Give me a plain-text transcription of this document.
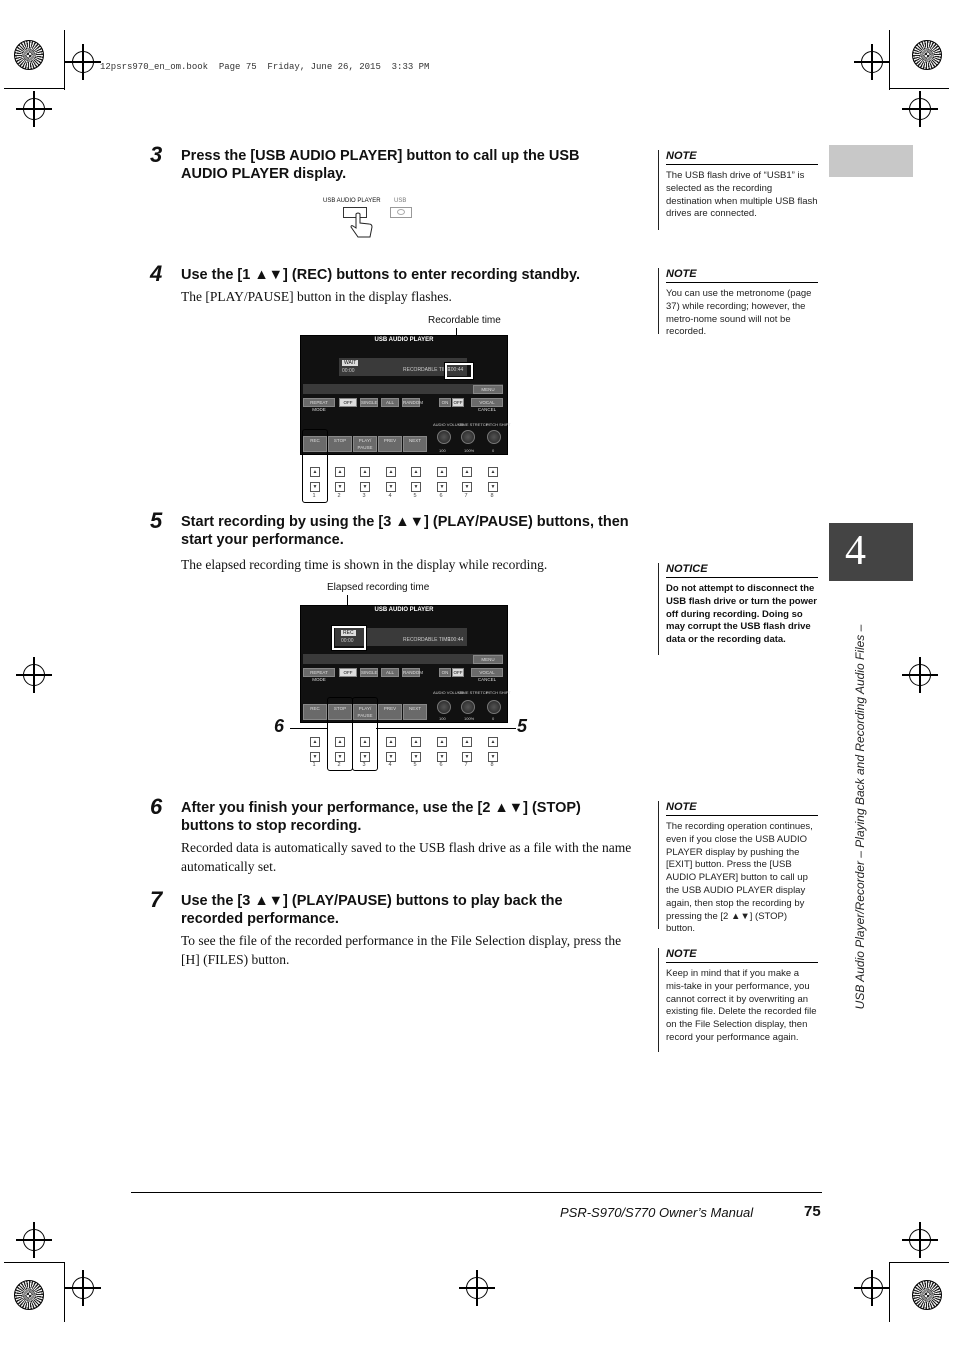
12psrs970_en_om.book  Page 75  Friday, June 26, 2015  3:33 PM
4
USB Audio Player/Recorder – Playing Back and Recording Audio Files –
3 Press the [USB AUDIO PLAYER] button to call up the USB AUDIO PLAYER display.
USB AUDIO PLAYER USB
4 Use the [1 ▲▼] (REC) buttons to enter recording standby.
The [PLAY/PAUSE] button in the display flashes.
Recordable time
USB AUDIO PLAYER
WAIT
00:00	RECORDABLE TIME
100:44
MENU
REPEAT MODE
OFF	SINGLE	ALL	RANDOM	ON	OFF	VOCAL CANCEL
AUDIO VOLUME
TIME STRETCH
PITCH SHIFT
100	100%	0
REC	STOP	PLAY/ PAUSE
PREV	NEXT
▲
▼
▲
▼
▲
▼
▲
▼
▲
▼
▲
▼
▲
▼
▲
▼
1	2	3	4	5	6	7	8
5 Start recording by using the [3 ▲▼] (PLAY/PAUSE) buttons, then start your performance.
The elapsed recording time is shown in the display while recording.
Elapsed recording time
USB AUDIO PLAYER
REC
00:00	RECORDABLE TIME
100:44
MENU
REPEAT MODE
OFF	SINGLE	ALL	RANDOM	ON	OFF	VOCAL CANCEL
AUDIO VOLUME
TIME STRETCH
PITCH SHIFT
100	100%	0
REC	STOP	PLAY/ PAUSE
PREV	NEXT
6	5
▲
▼
▲
▼
▲
▼
▲
▼
▲
▼
▲
▼
▲
▼
▲
▼
1	2	3	4	5	6	7	8
6 After you finish your performance, use the [2 ▲▼] (STOP) buttons to stop recording.
Recorded data is automatically saved to the USB flash drive as a file with the name automatically set.
7 Use the [3 ▲▼] (PLAY/PAUSE) buttons to play back the recorded performance.
To see the file of the recorded performance in the File Selection display, press the [H] (FILES) button.
NOTE
The USB flash drive of “USB1” is selected as the recording destination when multiple USB flash drives are connected.
NOTE
You can use the metronome (page 37) while recording; however, the metro-nome sound will not be recorded.
NOTICE
Do not attempt to disconnect the USB flash drive or turn the power off during recording. Doing so may corrupt the USB flash drive data or the recording data.
NOTE
The recording operation continues, even if you close the USB AUDIO PLAYER display by pushing the [EXIT] button. Press the [USB AUDIO PLAYER] button to call up the USB AUDIO PLAYER display again, then stop the recording by pressing the [2 ▲▼] (STOP) button.
NOTE
Keep in mind that if you make a mis-take in your performance, you cannot correct it by overwriting an existing file. Delete the recorded file on the File Selection display, then record your performance again.
PSR-S970/S770 Owner’s Manual	75
